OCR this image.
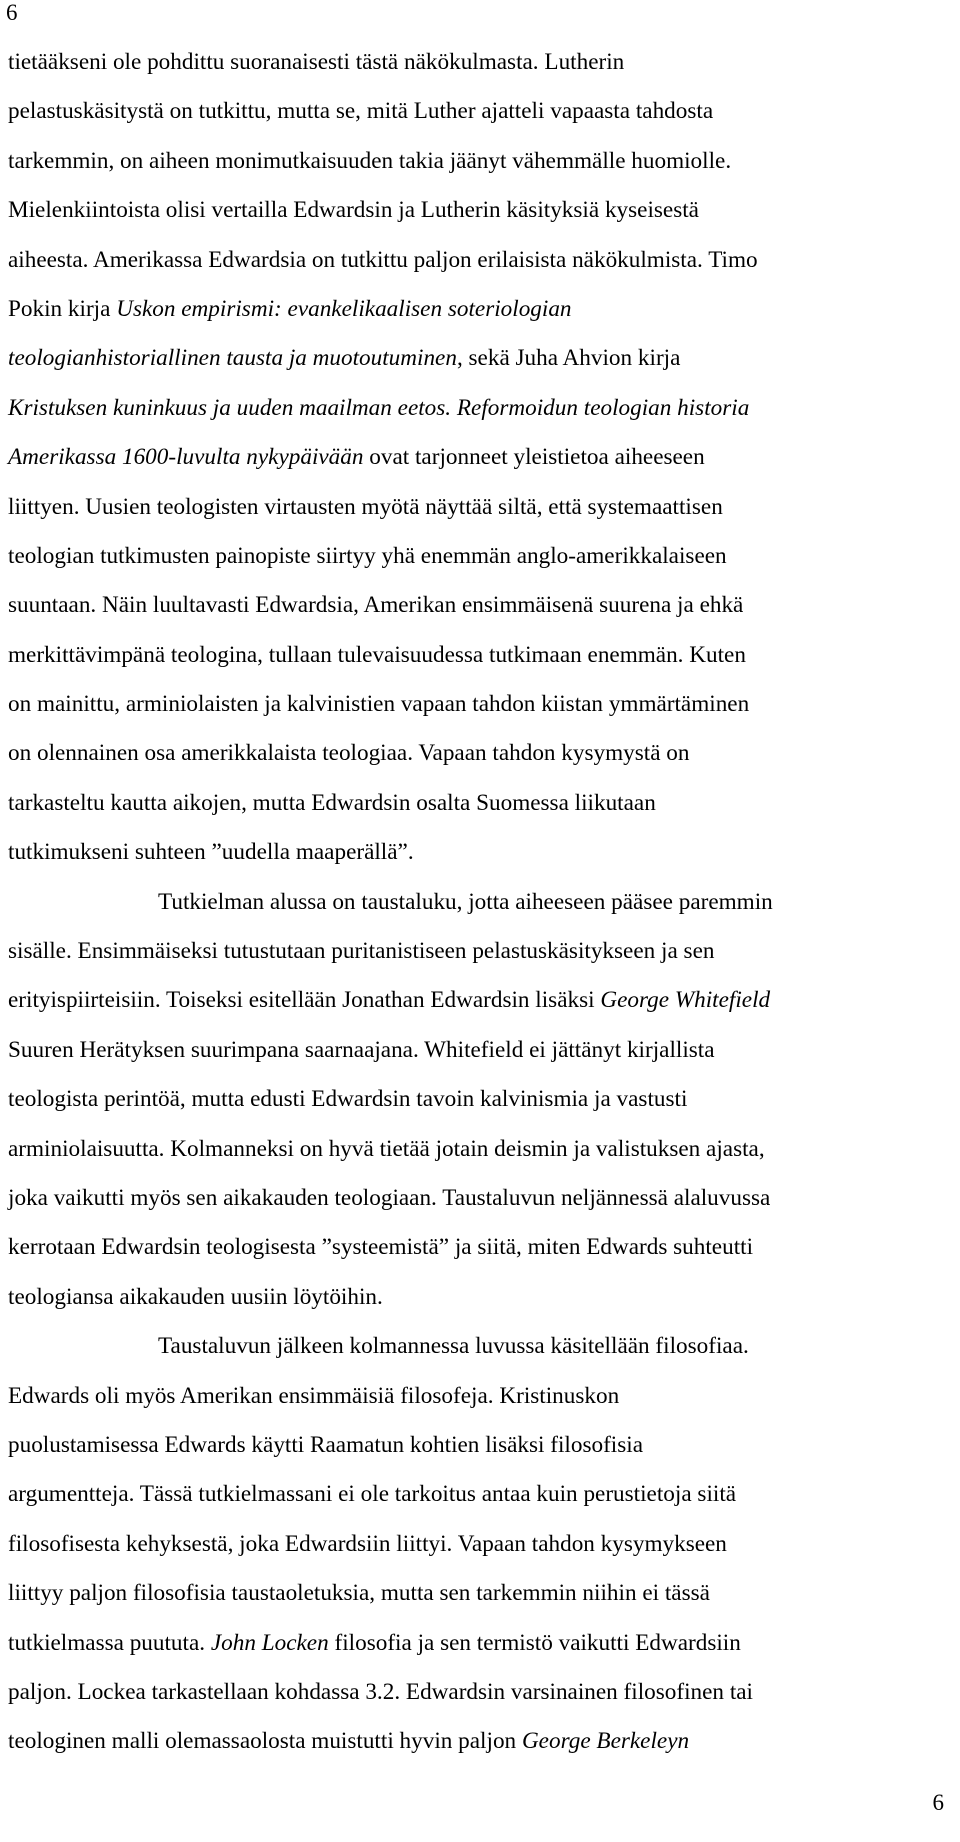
6
tietääkseni ole pohdittu suoranaisesti tästä näkökulmasta. Lutherin
pelastuskäsitystä on tutkittu, mutta se, mitä Luther ajatteli vapaasta tahdosta
tarkemmin, on aiheen monimutkaisuuden takia jäänyt vähemmälle huomiolle.
Mielenkiintoista olisi vertailla Edwardsin ja Lutherin käsityksiä kyseisestä
aiheesta. Amerikassa Edwardsia on tutkittu paljon erilaisista näkökulmista. Timo
Pokin kirja Uskon empirismi: evankelikaalisen soteriologian
teologianhistoriallinen tausta ja muotoutuminen, sekä Juha Ahvion kirja
Kristuksen kuninkuus ja uuden maailman eetos. Reformoidun teologian historia
Amerikassa 1600-luvulta nykypäivään ovat tarjonneet yleistietoa aiheeseen
liittyen. Uusien teologisten virtausten myötä näyttää siltä, että systemaattisen
teologian tutkimusten painopiste siirtyy yhä enemmän anglo-amerikkalaiseen
suuntaan. Näin luultavasti Edwardsia, Amerikan ensimmäisenä suurena ja ehkä
merkittävimpänä teologina, tullaan tulevaisuudessa tutkimaan enemmän. Kuten
on mainittu, arminiolaisten ja kalvinistien vapaan tahdon kiistan ymmärtäminen
on olennainen osa amerikkalaista teologiaa. Vapaan tahdon kysymystä on
tarkasteltu kautta aikojen, mutta Edwardsin osalta Suomessa liikutaan
tutkimukseni suhteen ”uudella maaperällä”.
Tutkielman alussa on taustaluku, jotta aiheeseen pääsee paremmin
sisälle. Ensimmäiseksi tutustutaan puritanistiseen pelastuskäsitykseen ja sen
erityispiirteisiin. Toiseksi esitellään Jonathan Edwardsin lisäksi George Whitefield
Suuren Herätyksen suurimpana saarnaajana. Whitefield ei jättänyt kirjallista
teologista perintöä, mutta edusti Edwardsin tavoin kalvinismia ja vastusti
arminiolaisuutta. Kolmanneksi on hyvä tietää jotain deismin ja valistuksen ajasta,
joka vaikutti myös sen aikakauden teologiaan. Taustaluvun neljännessä alaluvussa
kerrotaan Edwardsin teologisesta ”systeemistä” ja siitä, miten Edwards suhteutti
teologiansa aikakauden uusiin löytöihin.
Taustaluvun jälkeen kolmannessa luvussa käsitellään filosofiaa.
Edwards oli myös Amerikan ensimmäisiä filosofeja. Kristinuskon
puolustamisessa Edwards käytti Raamatun kohtien lisäksi filosofisia
argumentteja. Tässä tutkielmassani ei ole tarkoitus antaa kuin perustietoja siitä
filosofisesta kehyksestä, joka Edwardsiin liittyi. Vapaan tahdon kysymykseen
liittyy paljon filosofisia taustaoletuksia, mutta sen tarkemmin niihin ei tässä
tutkielmassa puututa. John Locken filosofia ja sen termistö vaikutti Edwardsiin
paljon. Lockea tarkastellaan kohdassa 3.2. Edwardsin varsinainen filosofinen tai
teologinen malli olemassaolosta muistutti hyvin paljon George Berkeleyn
6
